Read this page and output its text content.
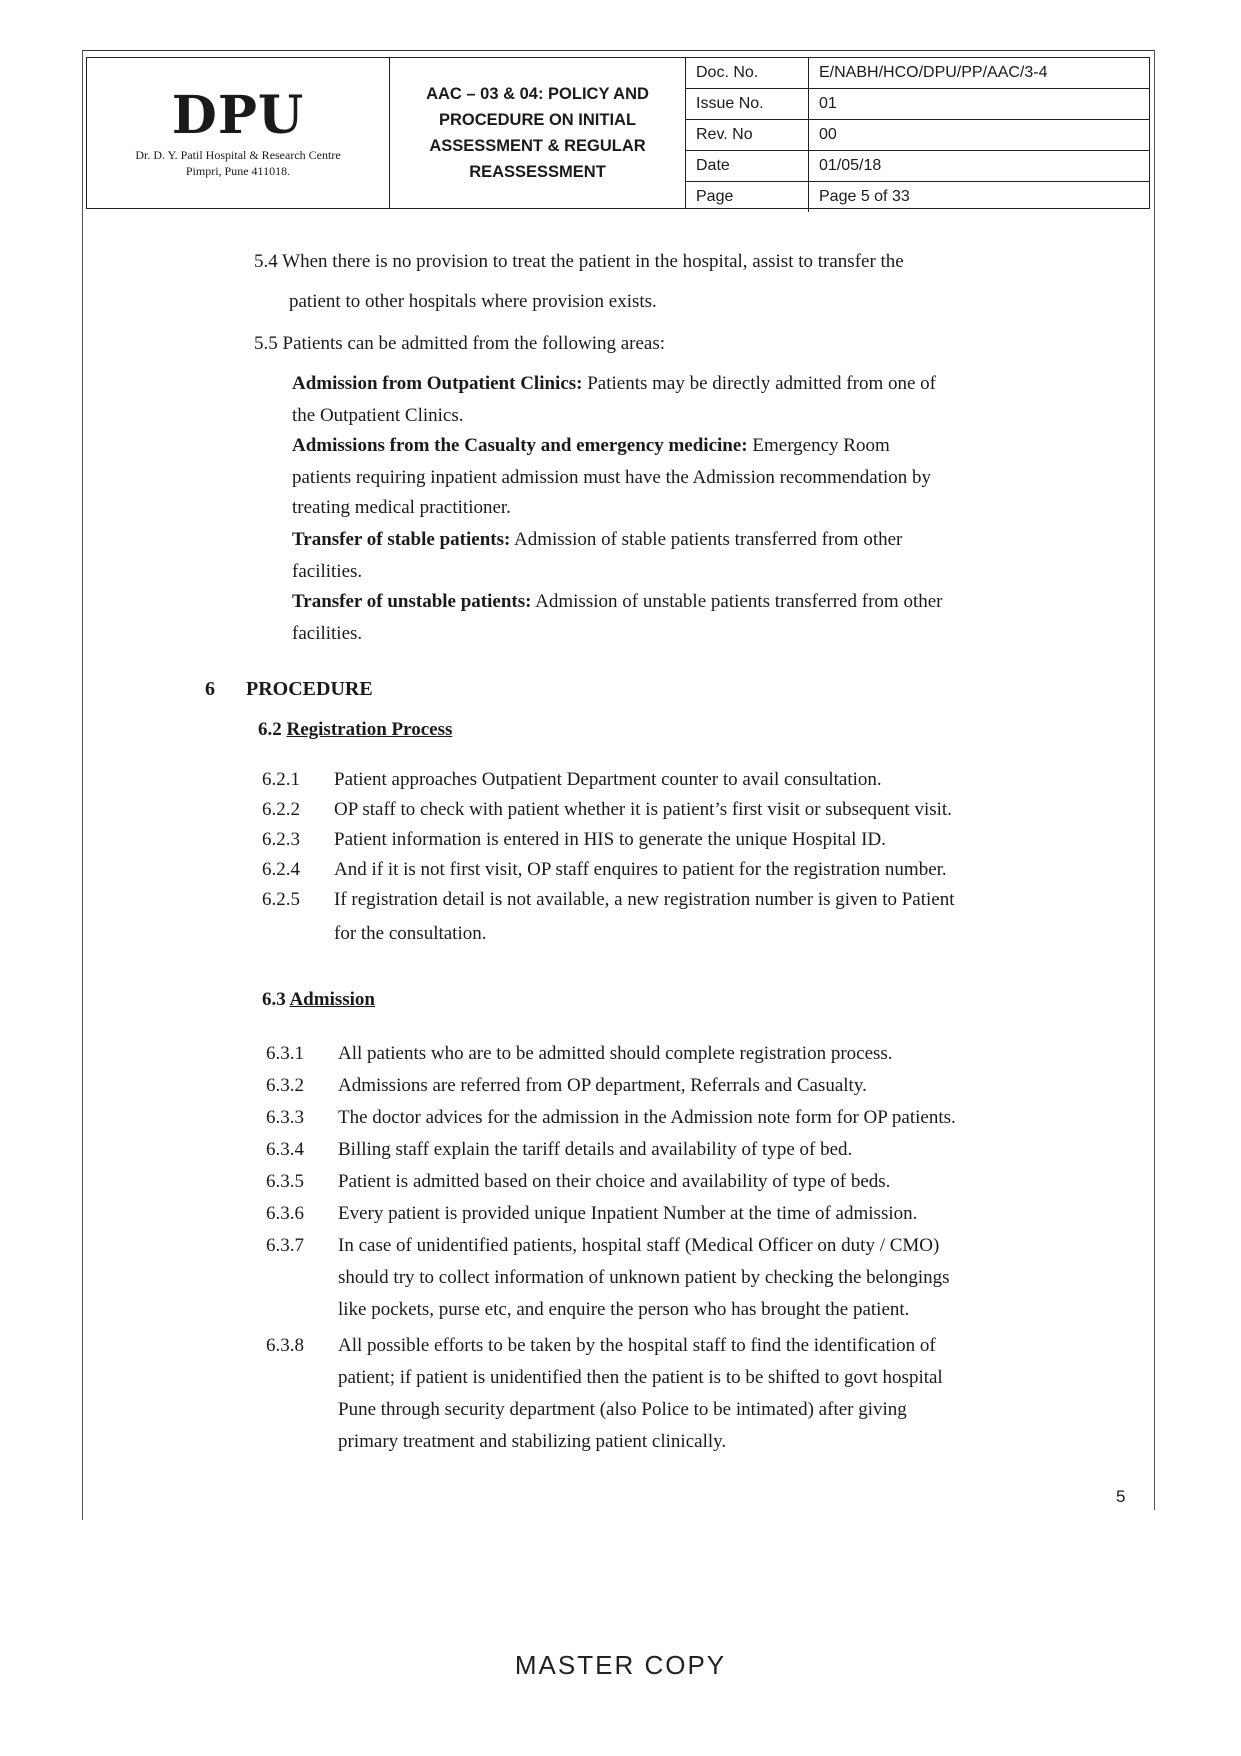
DPU
Dr. D. Y. Patil Hospital & Research Centre
Pimpri, Pune 411018.
AAC – 03 & 04: POLICY AND PROCEDURE ON INITIAL ASSESSMENT & REGULAR REASSESSMENT
Doc. No.	E/NABH/HCO/DPU/PP/AAC/3-4
Issue No.	01
Rev. No	00
Date	01/05/18
Page	Page 5 of 33
5.4 When there is no provision to treat the patient in the hospital, assist to transfer the
patient to other hospitals where provision exists.
5.5 Patients can be admitted from the following areas:
Admission from Outpatient Clinics: Patients may be directly admitted from one of
the Outpatient Clinics.
Admissions from the Casualty and emergency medicine: Emergency Room
patients requiring inpatient admission must have the Admission recommendation by
treating medical practitioner.
Transfer of stable patients: Admission of stable patients transferred from other
facilities.
Transfer of unstable patients: Admission of unstable patients transferred from other
facilities.
6 PROCEDURE
6.2 Registration Process
6.2.1	Patient approaches Outpatient Department counter to avail consultation.
6.2.2	OP staff to check with patient whether it is patient’s first visit or subsequent visit.
6.2.3	Patient information is entered in HIS to generate the unique Hospital ID.
6.2.4	And if it is not first visit, OP staff enquires to patient for the registration number.
6.2.5	If registration detail is not available, a new registration number is given to Patient
for the consultation.
6.3 Admission
6.3.1	All patients who are to be admitted should complete registration process.
6.3.2	Admissions are referred from OP department, Referrals and Casualty.
6.3.3	The doctor advices for the admission in the Admission note form for OP patients.
6.3.4	Billing staff explain the tariff details and availability of type of bed.
6.3.5	Patient is admitted based on their choice and availability of type of beds.
6.3.6	Every patient is provided unique Inpatient Number at the time of admission.
6.3.7	In case of unidentified patients, hospital staff (Medical Officer on duty / CMO)
should try to collect information of unknown patient by checking the belongings
like pockets, purse etc, and enquire the person who has brought the patient.
6.3.8	All possible efforts to be taken by the hospital staff to find the identification of
patient; if patient is unidentified then the patient is to be shifted to govt hospital
Pune through security department (also Police to be intimated) after giving
primary treatment and stabilizing patient clinically.
5
MASTER COPY
